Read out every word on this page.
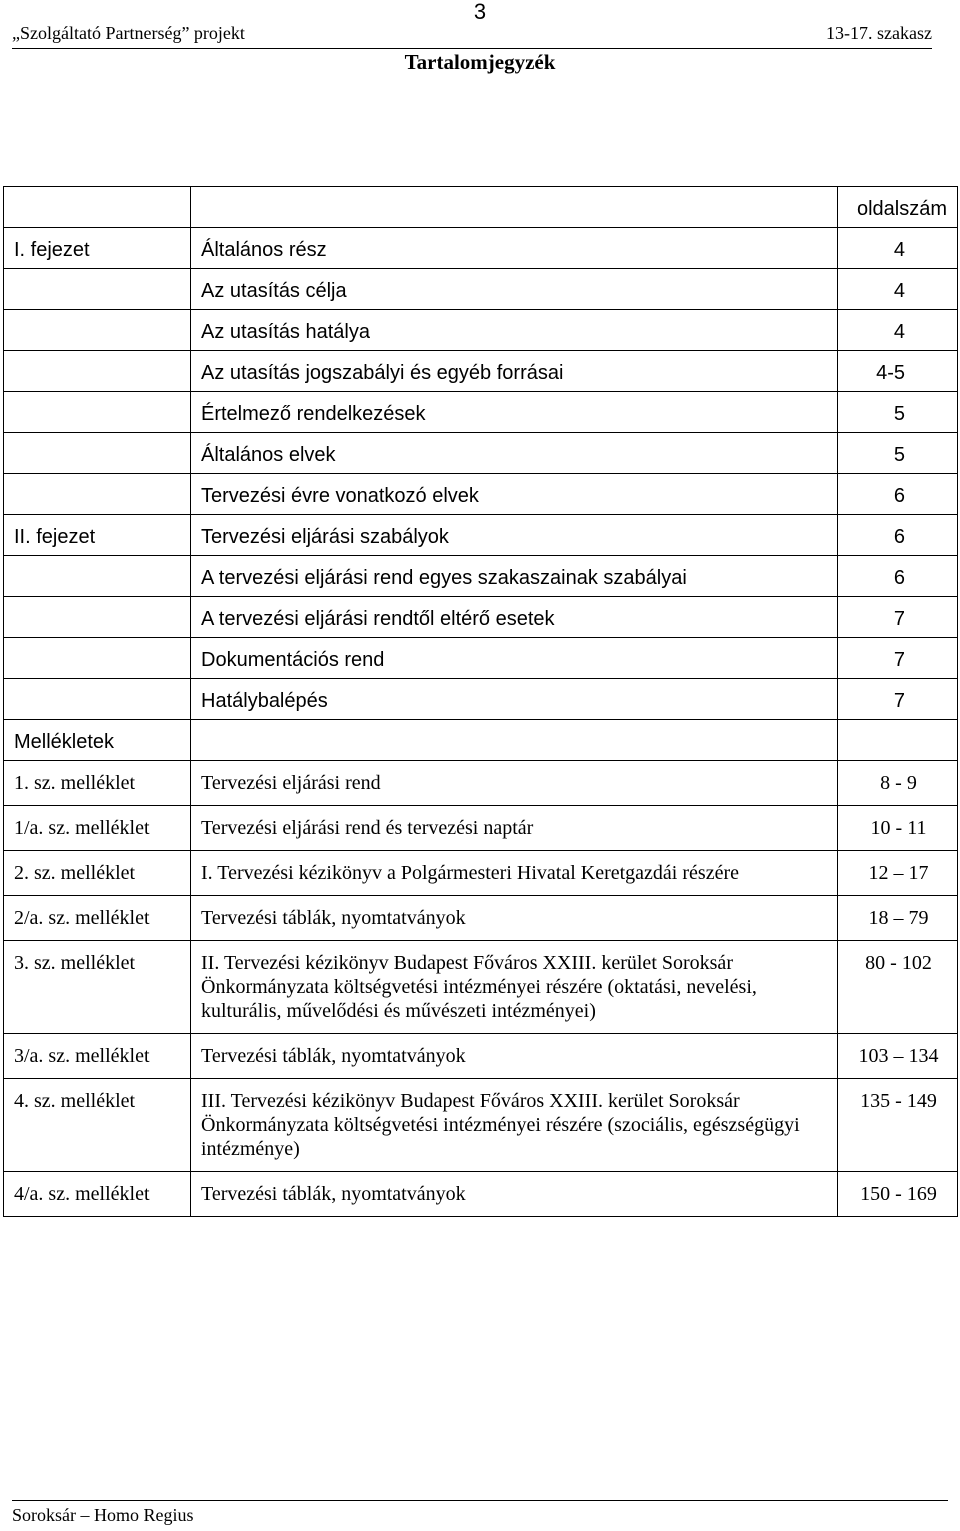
3
„Szolgáltató Partnerség” projekt	13-17. szakasz
Tartalomjegyzék
		oldalszám
I. fejezet	Általános rész	4
	Az utasítás célja	4
	Az utasítás hatálya	4
	Az utasítás jogszabályi és egyéb forrásai	4-5
	Értelmező rendelkezések	5
	Általános elvek	5
	Tervezési évre vonatkozó elvek	6
II. fejezet	Tervezési eljárási szabályok	6
	A tervezési eljárási rend egyes szakaszainak szabályai	6
	A tervezési eljárási rendtől eltérő esetek	7
	Dokumentációs rend	7
	Hatálybalépés	7
Mellékletek		
1. sz. melléklet	Tervezési eljárási rend	8 - 9
1/a. sz. melléklet	Tervezési eljárási rend és tervezési naptár	10 - 11
2. sz. melléklet	I. Tervezési kézikönyv a Polgármesteri Hivatal Keretgazdái részére	12 – 17
2/a. sz. melléklet	Tervezési táblák, nyomtatványok	18 – 79
3. sz. melléklet	II. Tervezési kézikönyv Budapest Főváros XXIII. kerület Soroksár Önkormányzata költségvetési intézményei részére (oktatási, nevelési, kulturális, művelődési és művészeti intézményei)	80 - 102
3/a. sz. melléklet	Tervezési táblák, nyomtatványok	103 – 134
4. sz. melléklet	III. Tervezési kézikönyv Budapest Főváros XXIII. kerület Soroksár Önkormányzata költségvetési intézményei részére (szociális, egészségügyi intézménye)	135 - 149
4/a. sz. melléklet	Tervezési táblák, nyomtatványok	150 - 169
Soroksár – Homo Regius
